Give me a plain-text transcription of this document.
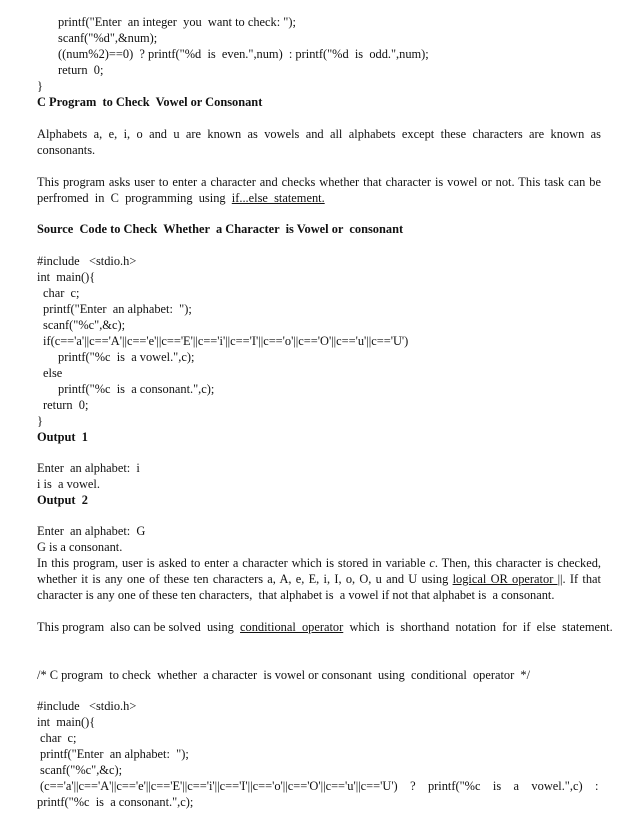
printf("Enter  an integer  you  want to check: ");
scanf("%d",&num);
((num%2)==0)  ? printf("%d  is  even.",num)  : printf("%d  is  odd.",num);
return  0;
}
C Program  to Check  Vowel or Consonant
Alphabets a, e, i, o and u are known as vowels and all alphabets except these characters are known as
consonants.
This program asks user to enter a character and checks whether that character is vowel or not. This task can be
perfromed  in  C  programming  using  if...else  statement.
Source  Code to Check  Whether  a Character  is Vowel or  consonant
#include   <stdio.h>
int  main(){
char  c;
printf("Enter  an alphabet:  ");
scanf("%c",&c);
if(c=='a'||c=='A'||c=='e'||c=='E'||c=='i'||c=='I'||c=='o'||c=='O'||c=='u'||c=='U')
printf("%c  is  a vowel.",c);
else
printf("%c  is  a consonant.",c);
return  0;
}
Output  1
Enter  an alphabet:  i
i is  a vowel.
Output  2
Enter  an alphabet:  G
G is a consonant.
In this program, user is asked to enter a character which is stored in variable c. Then, this character is checked,
whether it is any one of these ten characters a, A, e, E, i, I, o, O, u and U using logical OR operator ||. If that
character is any one of these ten characters,  that alphabet is  a vowel if not that alphabet is  a consonant.
This program  also can be solved  using  conditional  operator  which  is  shorthand  notation  for  if  else  statement.
/* C program  to check  whether  a character  is vowel or consonant  using  conditional  operator  */
#include   <stdio.h>
int  main(){
char  c;
printf("Enter  an alphabet:  ");
scanf("%c",&c);
(c=='a'||c=='A'||c=='e'||c=='E'||c=='i'||c=='I'||c=='o'||c=='O'||c=='u'||c=='U')    ?    printf("%c    is    a    vowel.",c)    :
printf("%c  is  a consonant.",c);
